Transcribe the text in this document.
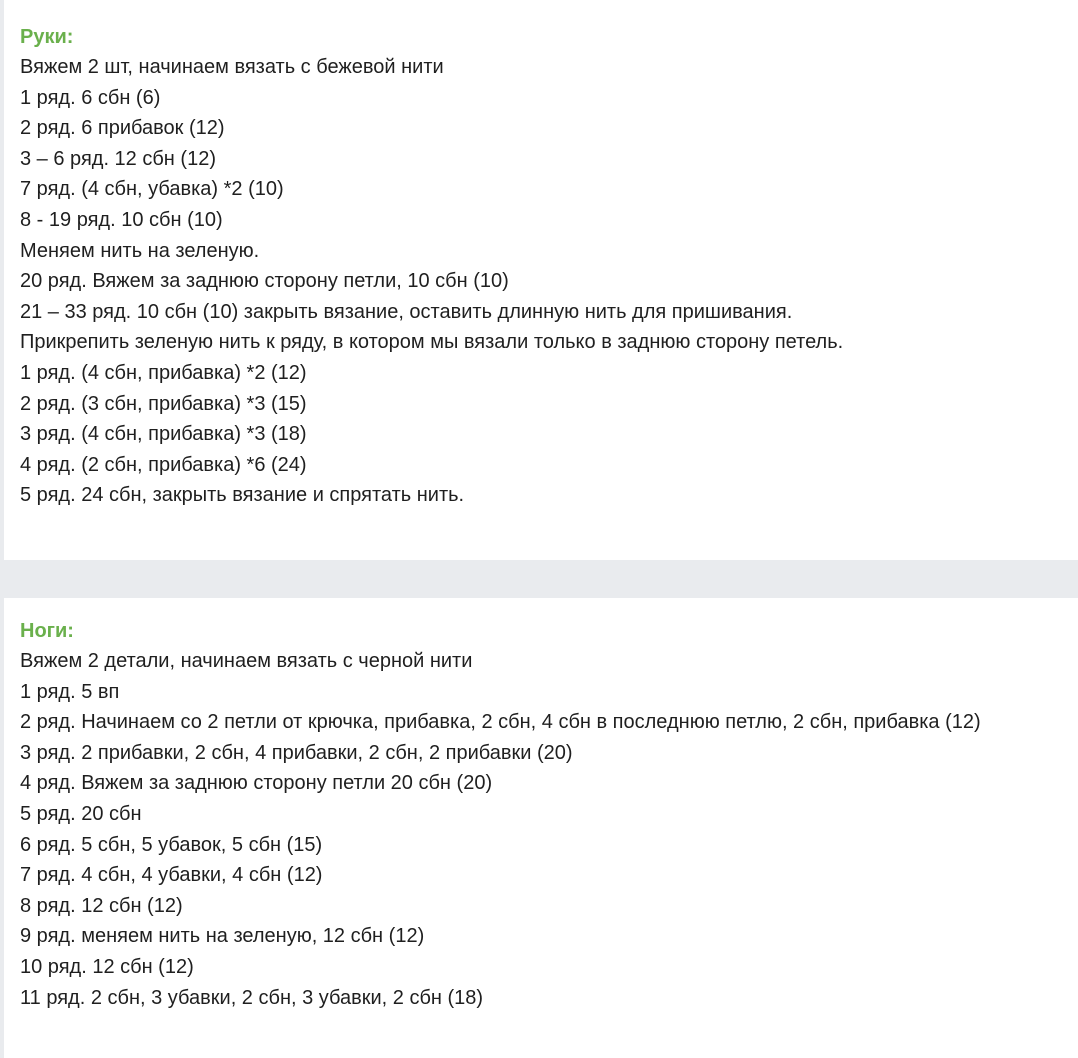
Руки:

Вяжем 2 шт, начинаем вязать с бежевой нити

1 ряд. 6 сбн (6)

2 ряд. 6 прибавок (12)

3 – 6 ряд. 12 сбн (12)

7 ряд. (4 сбн, убавка) *2 (10)

8 - 19 ряд. 10 сбн (10)

Меняем нить на зеленую.

20 ряд. Вяжем за заднюю сторону петли, 10 сбн (10)

21 – 33 ряд. 10 сбн (10) закрыть вязание, оставить длинную нить для пришивания.

Прикрепить зеленую нить к ряду, в котором мы вязали только в заднюю сторону петель.

1 ряд. (4 сбн, прибавка) *2 (12)

2 ряд. (3 сбн, прибавка) *3 (15)

3 ряд. (4 сбн, прибавка) *3 (18)

4 ряд. (2 сбн, прибавка) *6 (24)

5 ряд. 24 сбн, закрыть вязание и спрятать нить.

Ноги:

Вяжем 2 детали, начинаем вязать с черной нити

1 ряд. 5 вп

2 ряд. Начинаем со 2 петли от крючка, прибавка, 2 сбн, 4 сбн в последнюю петлю, 2 сбн, прибавка (12)

3 ряд. 2 прибавки, 2 сбн, 4 прибавки, 2 сбн, 2 прибавки (20)

4 ряд. Вяжем за заднюю сторону петли 20 сбн (20)

5 ряд. 20 сбн

6 ряд. 5 сбн, 5 убавок, 5 сбн (15)

7 ряд. 4 сбн, 4 убавки, 4 сбн (12)

8 ряд. 12 сбн (12)

9 ряд. меняем нить на зеленую, 12 сбн (12)

10 ряд. 12 сбн (12)

11 ряд. 2 сбн, 3 убавки, 2 сбн, 3 убавки, 2 сбн (18)
